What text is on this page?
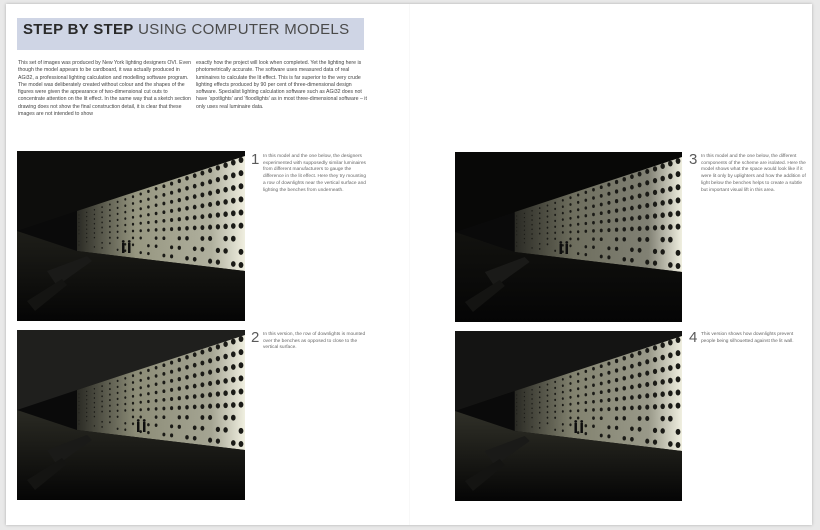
STEP BY STEP USING COMPUTER MODELS
This set of images was produced by New York lighting designers OVI. Even though the model appears to be cardboard, it was actually produced in AGi32, a professional lighting calculation and modelling software program. The model was deliberately created without colour and the shapes of the figures were given the appearance of two-dimensional cut outs to concentrate attention on the lit effect. In the same way that a sketch section drawing does not show the final construction detail, it is clear that these images are not intended to show
exactly how the project will look when completed. Yet the lighting here is photometrically accurate. The software uses measured data of real luminaires to calculate the lit effect. This is far superior to the very crude lighting effects produced by 90 per cent of three-dimensional design software. Specialist lighting calculation software such as AGi32 does not have ‘spotlights’ and ‘floodlights’ as in most three-dimensional software – it only uses real luminaire data.
1 In this model and the one below, the designers experimented with supposedly similar luminaires from different manufacturers to gauge the difference in the lit effect. Here they try mounting a row of downlights near the vertical surface and lighting the benches from underneath.
2 In this version, the row of downlights is mounted over the benches as opposed to close to the vertical surface.
3 In this model and the one below, the different components of the scheme are isolated. Here the model shows what the space would look like if it were lit only by uplighters and how the addition of light below the benches helps to create a subtle but important visual lift in this area.
4 This version shows how downlights prevent people being silhouetted against the lit wall.
